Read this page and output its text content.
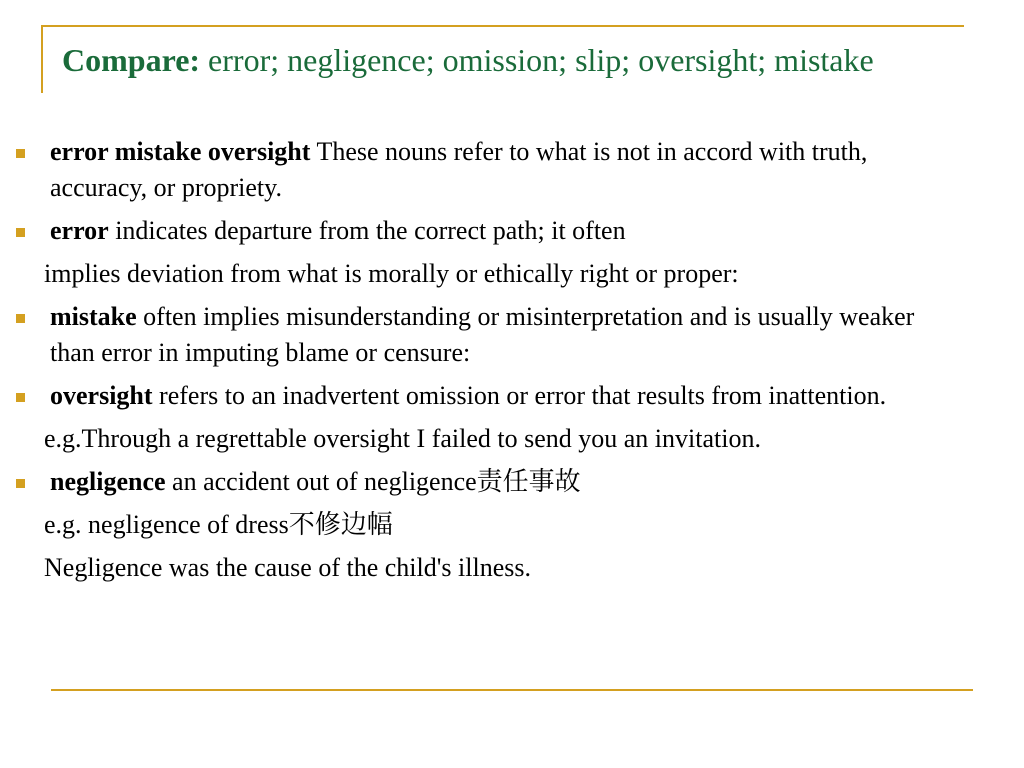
Compare: error; negligence; omission; slip; oversight; mistake
error mistake oversight These nouns refer to what is not in accord with truth, accuracy, or propriety.
error indicates departure from the correct path; it often
implies deviation from what is morally or ethically right or proper:
mistake often implies misunderstanding or misinterpretation and is usually weaker than error in imputing blame or censure:
oversight refers to an inadvertent omission or error that results from inattention.
e.g.Through a regrettable oversight I failed to send you an invitation.
negligence an accident out of negligence责任事故
e.g. negligence of dress不修边幅
Negligence was the cause of the child's illness.
